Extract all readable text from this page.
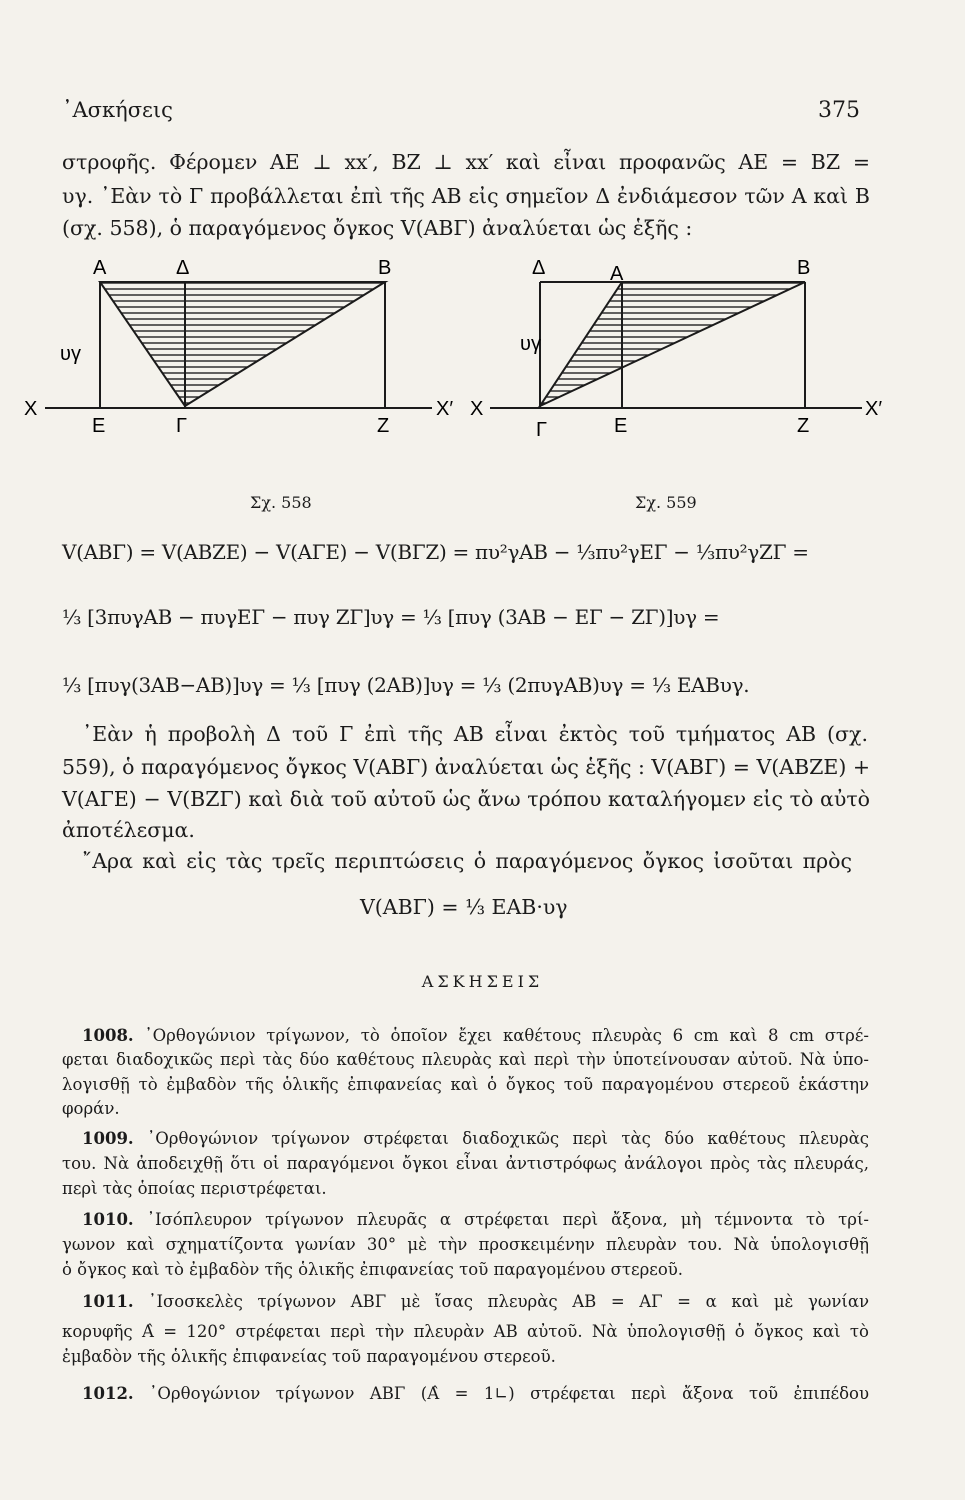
᾽Ασκήσεις	375
στροφῆς. Φέρομεν ΑΕ ⊥ xx′, ΒΖ ⊥ xx′ καὶ εἶναι προφανῶς ΑΕ = ΒΖ =
υγ. ᾽Εὰν τὸ Γ προβάλλεται ἐπὶ τῆς ΑΒ εἰς σημεῖον Δ ἐνδιάμεσον τῶν Α καὶ Β
(σχ. 558), ὁ παραγόμενος ὄγκος V(ΑΒΓ) ἀναλύεται ὡς ἑξῆς :
Α	Δ	Β
υγ
Χ
Ε	Γ	Ζ
Χ′
Δ	Α	Β
υγ
Χ
Γ	Ε	Ζ
Χ′
Σχ. 558	Σχ. 559
V(ΑΒΓ) = V(ΑΒΖΕ) − V(ΑΓΕ) − V(ΒΓΖ) = πυ²γΑΒ − ⅓πυ²γΕΓ − ⅓πυ²γΖΓ =
⅓ [3πυγΑΒ − πυγΕΓ − πυγ ΖΓ]υγ = ⅓ [πυγ (3ΑΒ − ΕΓ − ΖΓ)]υγ =
⅓ [πυγ(3ΑΒ−ΑΒ)]υγ = ⅓ [πυγ (2ΑΒ)]υγ = ⅓ (2πυγΑΒ)υγ = ⅓ ΕΑΒυγ.
᾽Εὰν ἡ προβολὴ Δ τοῦ Γ ἐπὶ τῆς ΑΒ εἶναι ἐκτὸς τοῦ τμήματος ΑΒ (σχ.
559), ὁ παραγόμενος ὄγκος V(ΑΒΓ) ἀναλύεται ὡς ἑξῆς : V(ΑΒΓ) = V(ΑΒΖΕ) +
V(ΑΓΕ) − V(ΒΖΓ) καὶ διὰ τοῦ αὐτοῦ ὡς ἄνω τρόπου καταλήγομεν εἰς τὸ αὐτὸ
ἀποτέλεσμα.
῎Αρα καὶ εἰς τὰς τρεῖς περιπτώσεις ὁ παραγόμενος ὄγκος ἰσοῦται πρὸς
V(ΑΒΓ) = ⅓ ΕΑΒ·υγ
ΑΣΚΗΣΕΙΣ
1008. ᾽Ορθογώνιον τρίγωνον, τὸ ὁποῖον ἔχει καθέτους πλευρὰς 6 cm καὶ 8 cm στρέ-
φεται διαδοχικῶς περὶ τὰς δύο καθέτους πλευρὰς καὶ περὶ τὴν ὑποτείνουσαν αὐτοῦ. Νὰ ὑπο-
λογισθῇ τὸ ἐμβαδὸν τῆς ὁλικῆς ἐπιφανείας καὶ ὁ ὄγκος τοῦ παραγομένου στερεοῦ ἑκάστην
φοράν.
1009. ᾽Ορθογώνιον τρίγωνον στρέφεται διαδοχικῶς περὶ τὰς δύο καθέτους πλευρὰς
του. Νὰ ἀποδειχθῇ ὅτι οἱ παραγόμενοι ὄγκοι εἶναι ἀντιστρόφως ἀνάλογοι πρὸς τὰς πλευράς,
περὶ τὰς ὁποίας περιστρέφεται.
1010. ᾽Ισόπλευρον τρίγωνον πλευρᾶς α στρέφεται περὶ ἄξονα, μὴ τέμνοντα τὸ τρί-
γωνον καὶ σχηματίζοντα γωνίαν 30° μὲ τὴν προσκειμένην πλευρὰν του. Νὰ ὑπολογισθῇ
ὁ ὄγκος καὶ τὸ ἐμβαδὸν τῆς ὁλικῆς ἐπιφανείας τοῦ παραγομένου στερεοῦ.
1011. ᾽Ισοσκελὲς τρίγωνον ΑΒΓ μὲ ἴσας πλευρὰς ΑΒ = ΑΓ = α καὶ μὲ γωνίαν
κορυφῆς Α̂ = 120° στρέφεται περὶ τὴν πλευρὰν ΑΒ αὐτοῦ. Νὰ ὑπολογισθῇ ὁ ὄγκος καὶ τὸ
ἐμβαδὸν τῆς ὁλικῆς ἐπιφανείας τοῦ παραγομένου στερεοῦ.
1012. ᾽Ορθογώνιον τρίγωνον ΑΒΓ (Α̂ = 1∟) στρέφεται περὶ ἄξονα τοῦ ἐπιπέδου
